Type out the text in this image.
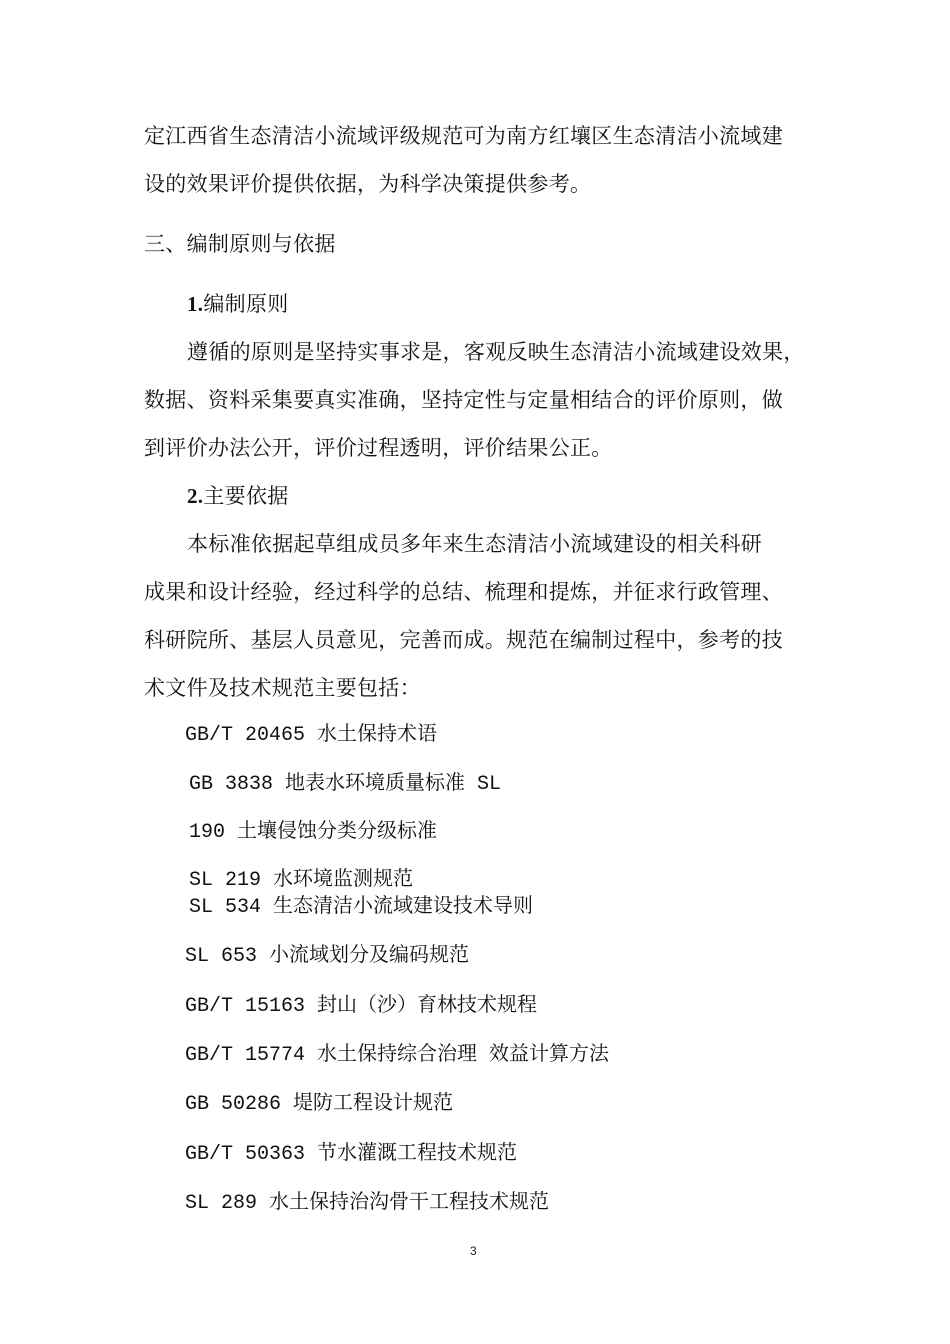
定江西省生态清洁小流域评级规范可为南方红壤区生态清洁小流域建
设的效果评价提供依据，为科学决策提供参考。
三、编制原则与依据
1.编制原则
遵循的原则是坚持实事求是，客观反映生态清洁小流域建设效果，
数据、资料采集要真实准确，坚持定性与定量相结合的评价原则，做
到评价办法公开，评价过程透明，评价结果公正。
2.主要依据
本标准依据起草组成员多年来生态清洁小流域建设的相关科研
成果和设计经验，经过科学的总结、梳理和提炼，并征求行政管理、
科研院所、基层人员意见，完善而成。规范在编制过程中，参考的技
术文件及技术规范主要包括：
GB/T 20465 水土保持术语
GB 3838 地表水环境质量标准 SL
190 土壤侵蚀分类分级标准
SL 219 水环境监测规范
SL 534 生态清洁小流域建设技术导则
SL 653 小流域划分及编码规范
GB/T 15163 封山（沙）育林技术规程
GB/T 15774 水土保持综合治理 效益计算方法
GB 50286 堤防工程设计规范
GB/T 50363 节水灌溉工程技术规范
SL 289 水土保持治沟骨干工程技术规范
3
